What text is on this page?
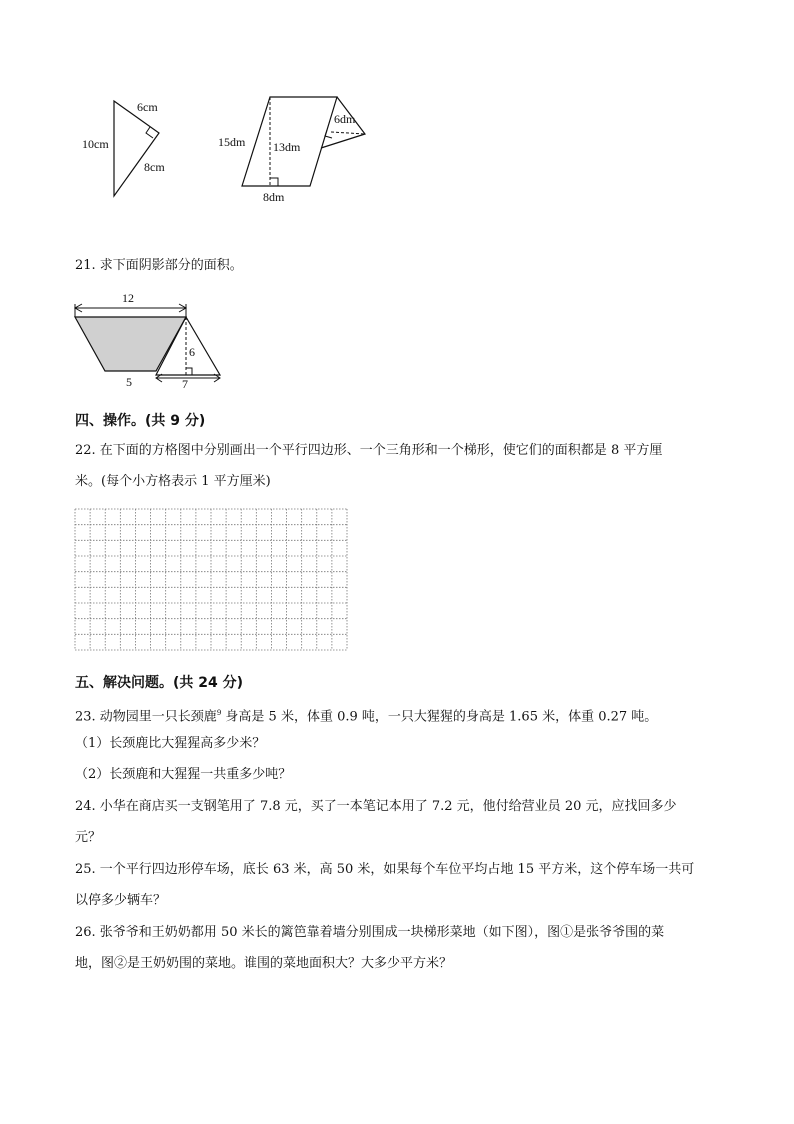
6cm
10cm
8cm
15dm 13dm
8dm
6dm
21. 求下面阴影部分的面积。
12
6
7
5
四、操作。(共 9 分)
22. 在下面的方格图中分别画出一个平行四边形、一个三角形和一个梯形，使它们的面积都是 8 平方厘
米。(每个小方格表示 1 平方厘米)
五、解决问题。(共 24 分)
23. 动物园里一只长颈鹿$^9$ 身高是 5 米，体重 0.9 吨，一只大猩猩的身高是 1.65 米，体重 0.27 吨。
（1）长颈鹿比大猩猩高多少米？
（2）长颈鹿和大猩猩一共重多少吨？
24. 小华在商店买一支钢笔用了 7.8 元，买了一本笔记本用了 7.2 元，他付给营业员 20 元，应找回多少
元？
25. 一个平行四边形停车场，底长 63 米，高 50 米，如果每个车位平均占地 15 平方米，这个停车场一共可
以停多少辆车？
26. 张爷爷和王奶奶都用 50 米长的篱笆靠着墙分别围成一块梯形菜地（如下图），图①是张爷爷围的菜
地，图②是王奶奶围的菜地。谁围的菜地面积大？大多少平方米？
